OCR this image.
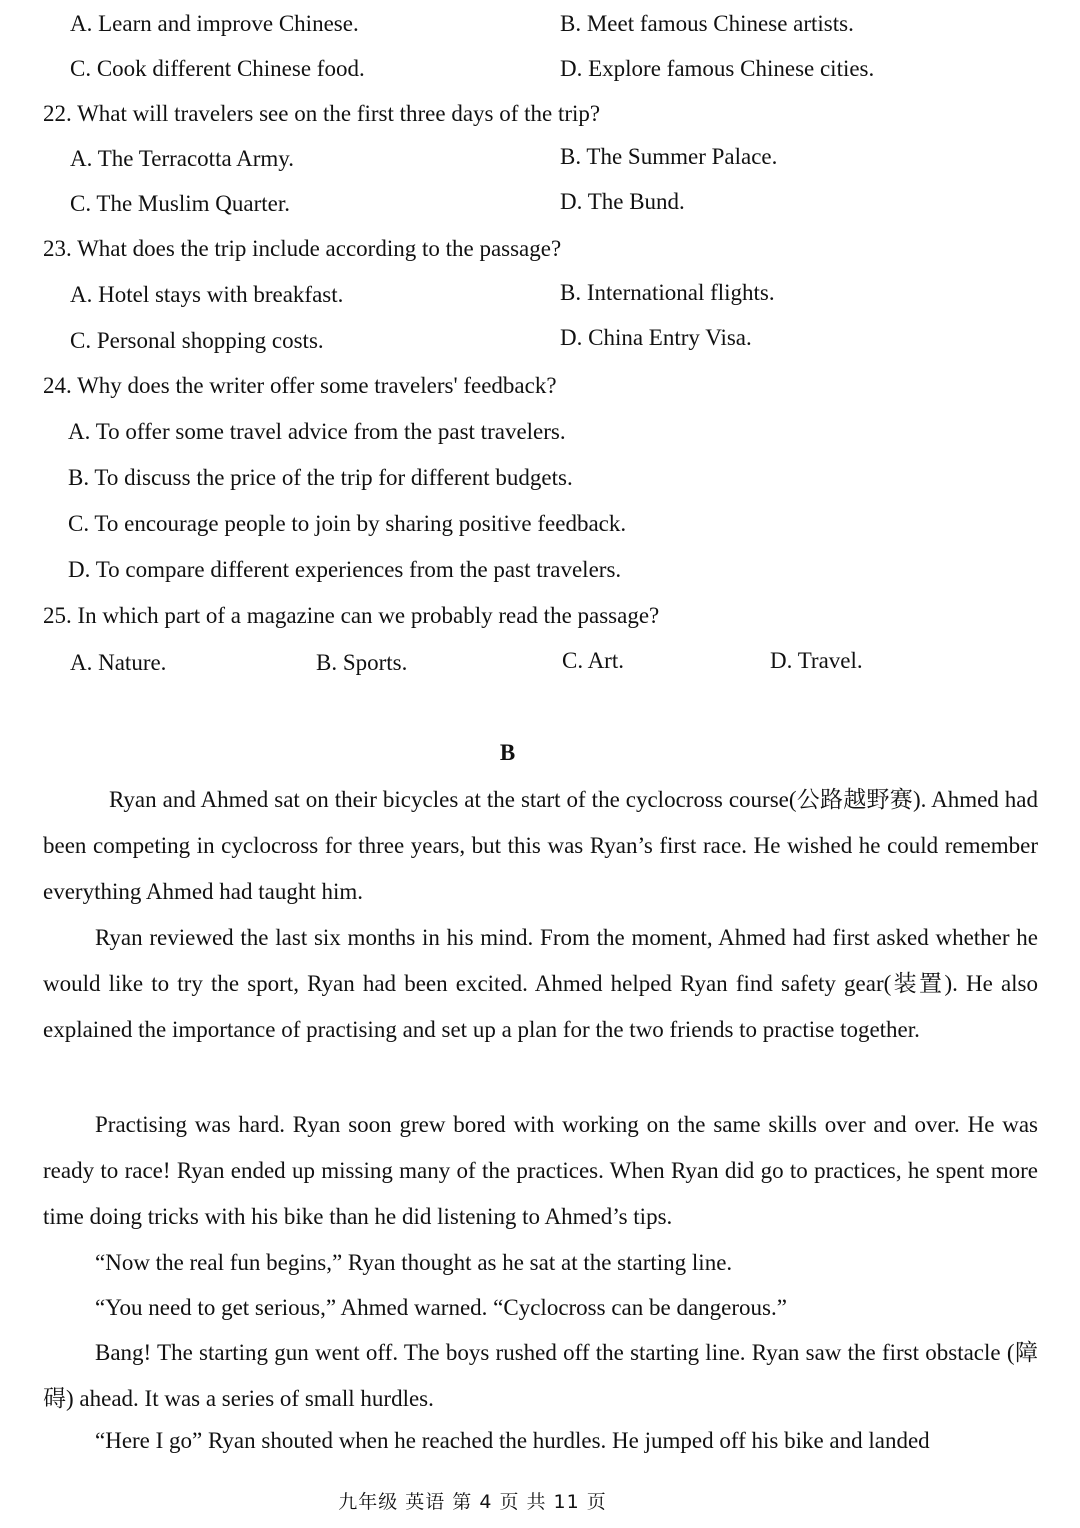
A. Learn and improve Chinese.	B. Meet famous Chinese artists.
C. Cook different Chinese food.	D. Explore famous Chinese cities.
22. What will travelers see on the first three days of the trip?
A. The Terracotta Army.	B. The Summer Palace.
C. The Muslim Quarter.	D. The Bund.
23. What does the trip include according to the passage?
A. Hotel stays with breakfast.	B. International flights.
C. Personal shopping costs.	D. China Entry Visa.
24. Why does the writer offer some travelers' feedback?
A. To offer some travel advice from the past travelers.
B. To discuss the price of the trip for different budgets.
C. To encourage people to join by sharing positive feedback.
D. To compare different experiences from the past travelers.
25. In which part of a magazine can we probably read the passage?
A. Nature.	B. Sports.	C. Art.	D. Travel.
B
Ryan and Ahmed sat on their bicycles at the start of the cyclocross course(公路越野赛). Ahmed had been competing in cyclocross for three years, but this was Ryan’s first race. He wished he could remember everything Ahmed had taught him.
Ryan reviewed the last six months in his mind. From the moment, Ahmed had first asked whether he would like to try the sport, Ryan had been excited. Ahmed helped Ryan find safety gear(装置). He also explained the importance of practising and set up a plan for the two friends to practise together.
Practising was hard. Ryan soon grew bored with working on the same skills over and over. He was ready to race! Ryan ended up missing many of the practices. When Ryan did go to practices, he spent more time doing tricks with his bike than he did listening to Ahmed’s tips.
“Now the real fun begins,” Ryan thought as he sat at the starting line.
“You need to get serious,” Ahmed warned. “Cyclocross can be dangerous.”
Bang! The starting gun went off. The boys rushed off the starting line. Ryan saw the first obstacle (障碍) ahead. It was a series of small hurdles.
“Here I go” Ryan shouted when he reached the hurdles. He jumped off his bike and landed
九年级 英语 第 4 页 共 11 页
